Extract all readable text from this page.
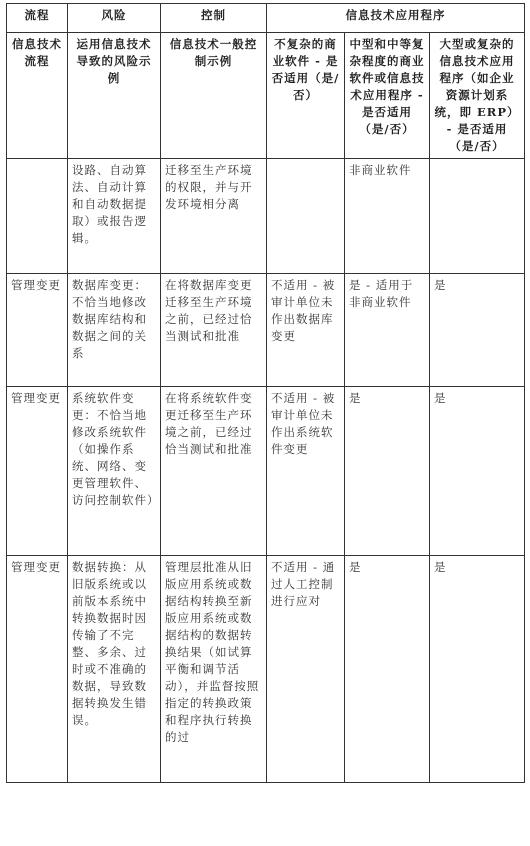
流程	风险	控制	信息技术应用程序		
信息技术流程	运用信息技术导致的风险示例	信息技术一般控制示例	不复杂的商业软件 - 是否适用（是/否）	中型和中等复杂程度的商业软件或信息技术应用程序 - 是否适用（是/否）	大型或复杂的信息技术应用程序（如企业资源计划系统，即 ERP）- 是否适用（是/否）
	设路、自动算法、自动计算和自动数据提取）或报告逻辑。	迁移至生产环境的权限，并与开发环境相分离		非商业软件	
管理变更	数据库变更：不恰当地修改数据库结构和数据之间的关系	在将数据库变更迁移至生产环境之前，已经过恰当测试和批准	不适用 - 被审计单位未作出数据库变更	是 - 适用于非商业软件	是
管理变更	系统软件变更：不恰当地修改系统软件（如操作系统、网络、变更管理软件、访问控制软件）	在将系统软件变更迁移至生产环境之前，已经过恰当测试和批准	不适用 - 被审计单位未作出系统软件变更	是	是
管理变更	数据转换：从旧版系统或以前版本系统中转换数据时因传输了不完整、多余、过时或不准确的数据，导致数据转换发生错误。	管理层批准从旧版应用系统或数据结构转换至新版应用系统或数据结构的数据转换结果（如试算平衡和调节活动），并监督按照指定的转换政策和程序执行转换的过	不适用 - 通过人工控制进行应对	是	是
